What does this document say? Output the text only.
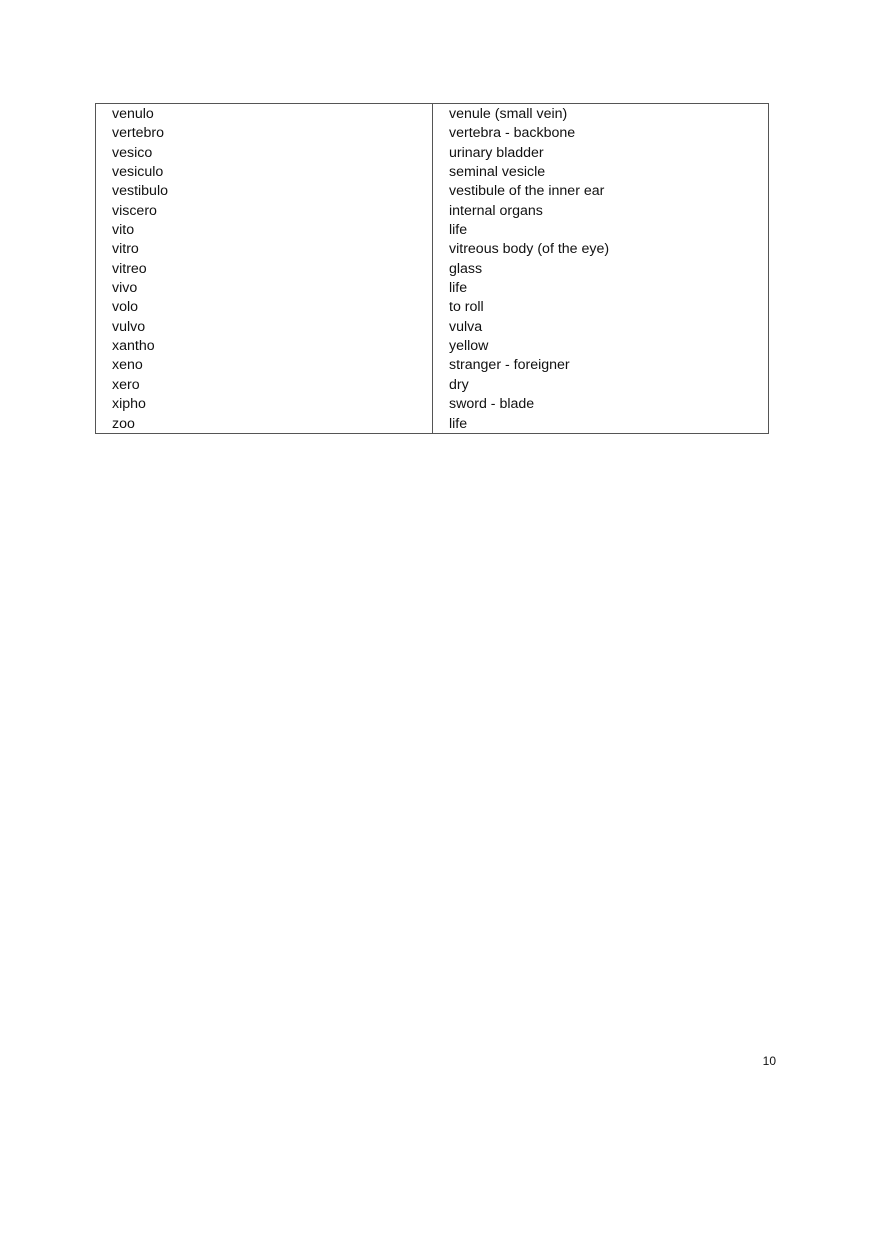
venulo
vertebro
vesico
vesiculo
vestibulo
viscero
vito
vitro
vitreo
vivo
volo
vulvo
xantho
xeno
xero
xipho
zoo
venule (small vein)
vertebra - backbone
urinary bladder
seminal vesicle
vestibule of the inner ear
internal organs
life
vitreous body (of the eye)
glass
life
to roll
vulva
yellow
stranger - foreigner
dry
sword - blade
life
10
